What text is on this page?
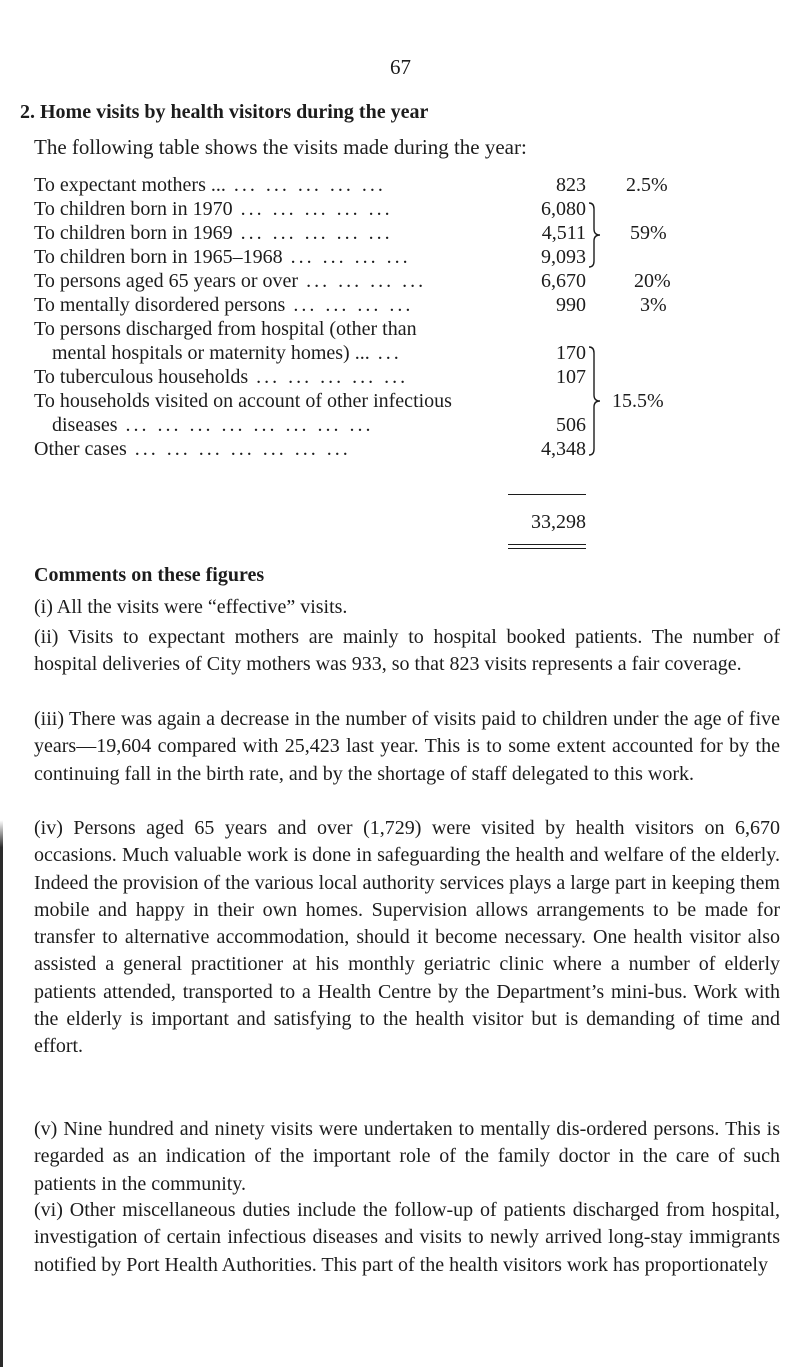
67
2. Home visits by health visitors during the year
The following table shows the visits made during the year:
To expectant mothers ... ... ... ... ... ...
To children born in 1970 ... ... ... ... ...
To children born in 1969 ... ... ... ... ...
To children born in 1965–1968 ... ... ... ...
To persons aged 65 years or over ... ... ... ...
To mentally disordered persons ... ... ... ...
To persons discharged from hospital (other than
mental hospitals or maternity homes) ... ...
To tuberculous households ... ... ... ... ...
To households visited on account of other infectious
diseases ... ... ... ... ... ... ... ...
Other cases ... ... ... ... ... ... ...
823
6,080
4,511
9,093
6,670
990
170
107
506
4,348
2.5%
59%
20%
3%
15.5%
33,298
Comments on these figures

(i) All the visits were “effective” visits.

(ii) Visits to expectant mothers are mainly to hospital booked patients. The number of hospital deliveries of City mothers was 933, so that 823 visits represents a fair coverage.

(iii) There was again a decrease in the number of visits paid to children under the age of five years—19,604 compared with 25,423 last year. This is to some extent accounted for by the continuing fall in the birth rate, and by the shortage of staff delegated to this work.

(iv) Persons aged 65 years and over (1,729) were visited by health visitors on 6,670 occasions. Much valuable work is done in safeguarding the health and welfare of the elderly. Indeed the provision of the various local authority services plays a large part in keeping them mobile and happy in their own homes. Supervision allows arrangements to be made for transfer to alternative accommodation, should it become necessary. One health visitor also assisted a general practitioner at his monthly geriatric clinic where a number of elderly patients attended, transported to a Health Centre by the Department’s mini-bus. Work with the elderly is important and satisfying to the health visitor but is demanding of time and effort.

(v) Nine hundred and ninety visits were undertaken to mentally dis-ordered persons. This is regarded as an indication of the important role of the family doctor in the care of such patients in the community.

(vi) Other miscellaneous duties include the follow-up of patients discharged from hospital, investigation of certain infectious diseases and visits to newly arrived long-stay immigrants notified by Port Health Authorities. This part of the health visitors work has proportionately
